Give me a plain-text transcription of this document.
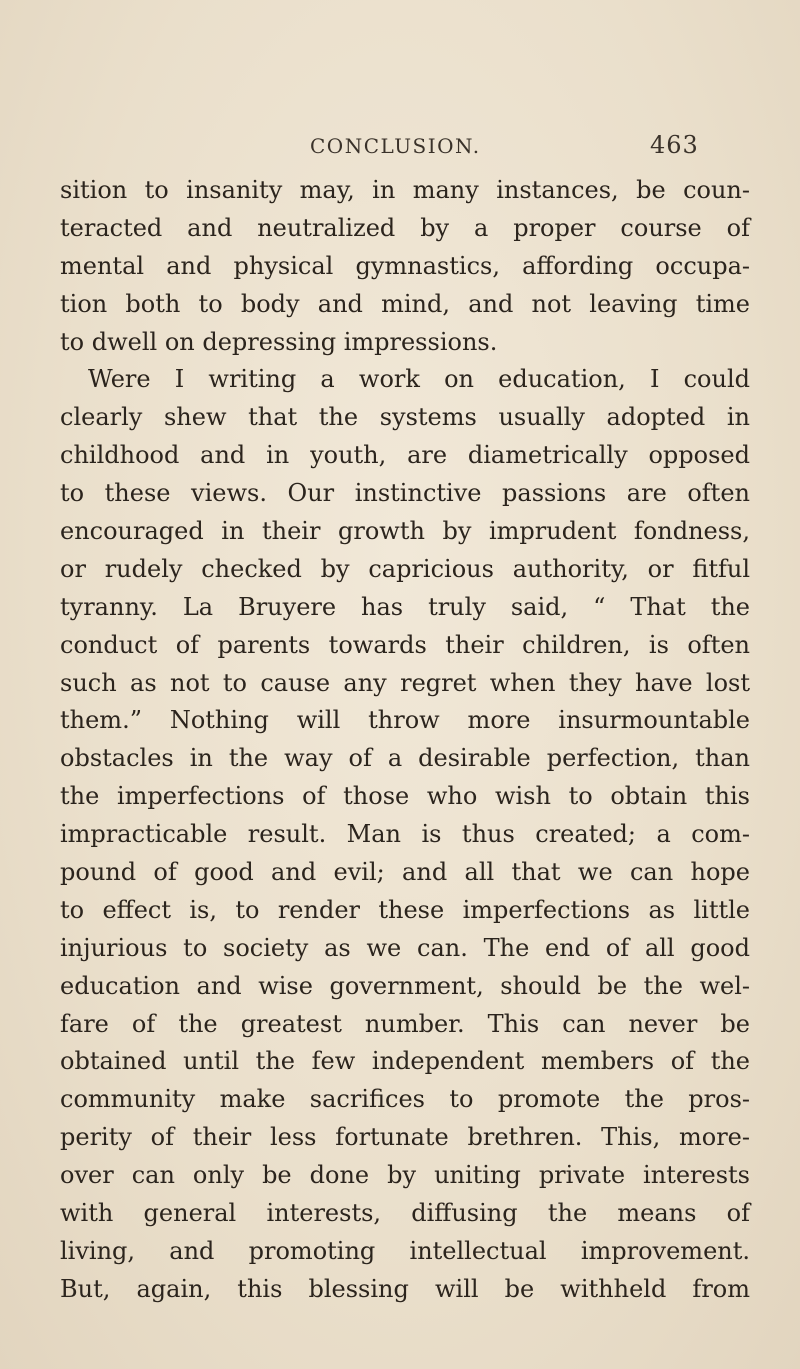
CONCLUSION.	463
sition to insanity may, in many instances, be coun-
teracted and neutralized by a proper course of
mental and physical gymnastics, affording occupa-
tion both to body and mind, and not leaving time
to dwell on depressing impressions.
Were I writing a work on education, I could
clearly shew that the systems usually adopted in
childhood and in youth, are diametrically opposed
to these views. Our instinctive passions are often
encouraged in their growth by imprudent fondness,
or rudely checked by capricious authority, or fitful
tyranny. La Bruyere has truly said, “ That the
conduct of parents towards their children, is often
such as not to cause any regret when they have lost
them.” Nothing will throw more insurmountable
obstacles in the way of a desirable perfection, than
the imperfections of those who wish to obtain this
impracticable result. Man is thus created; a com-
pound of good and evil; and all that we can hope
to effect is, to render these imperfections as little
injurious to society as we can. The end of all good
education and wise government, should be the wel-
fare of the greatest number. This can never be
obtained until the few independent members of the
community make sacrifices to promote the pros-
perity of their less fortunate brethren. This, more-
over can only be done by uniting private interests
with general interests, diffusing the means of
living, and promoting intellectual improvement.
But, again, this blessing will be withheld from
